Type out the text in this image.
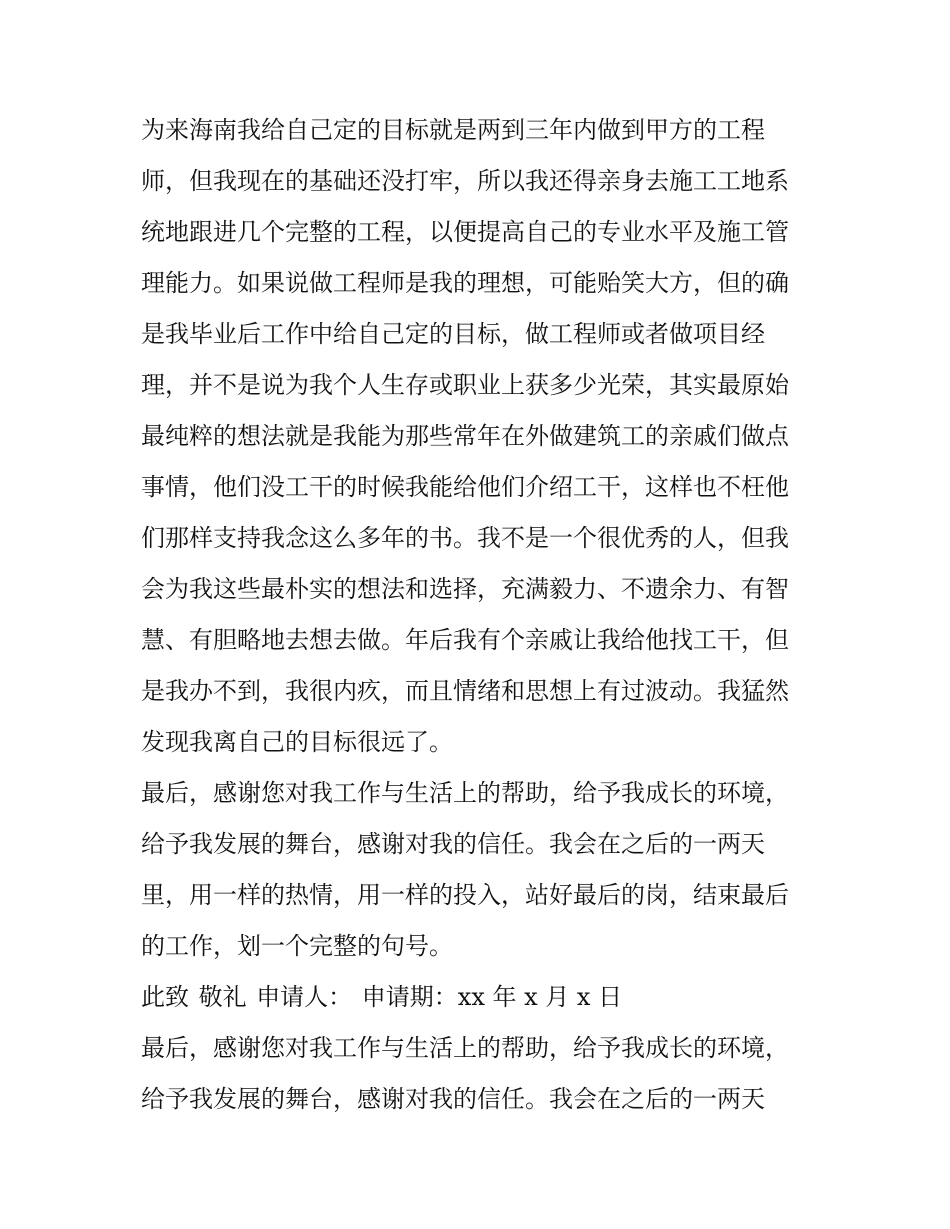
为来海南我给自己定的目标就是两到三年内做到甲方的工程
师，但我现在的基础还没打牢，所以我还得亲身去施工工地系
统地跟进几个完整的工程，以便提高自己的专业水平及施工管
理能力。如果说做工程师是我的理想，可能贻笑大方，但的确
是我毕业后工作中给自己定的目标，做工程师或者做项目经
理，并不是说为我个人生存或职业上获多少光荣，其实最原始
最纯粹的想法就是我能为那些常年在外做建筑工的亲戚们做点
事情，他们没工干的时候我能给他们介绍工干，这样也不枉他
们那样支持我念这么多年的书。我不是一个很优秀的人，但我
会为我这些最朴实的想法和选择，充满毅力、不遗余力、有智
慧、有胆略地去想去做。年后我有个亲戚让我给他找工干，但
是我办不到，我很内疚，而且情绪和思想上有过波动。我猛然
发现我离自己的目标很远了。
最后，感谢您对我工作与生活上的帮助，给予我成长的环境，
给予我发展的舞台，感谢对我的信任。我会在之后的一两天
里，用一样的热情，用一样的投入，站好最后的岗，结束最后
的工作，划一个完整的句号。
此致 敬礼 申请人： 申请期：xx 年 x 月 x 日
最后，感谢您对我工作与生活上的帮助，给予我成长的环境，
给予我发展的舞台，感谢对我的信任。我会在之后的一两天
